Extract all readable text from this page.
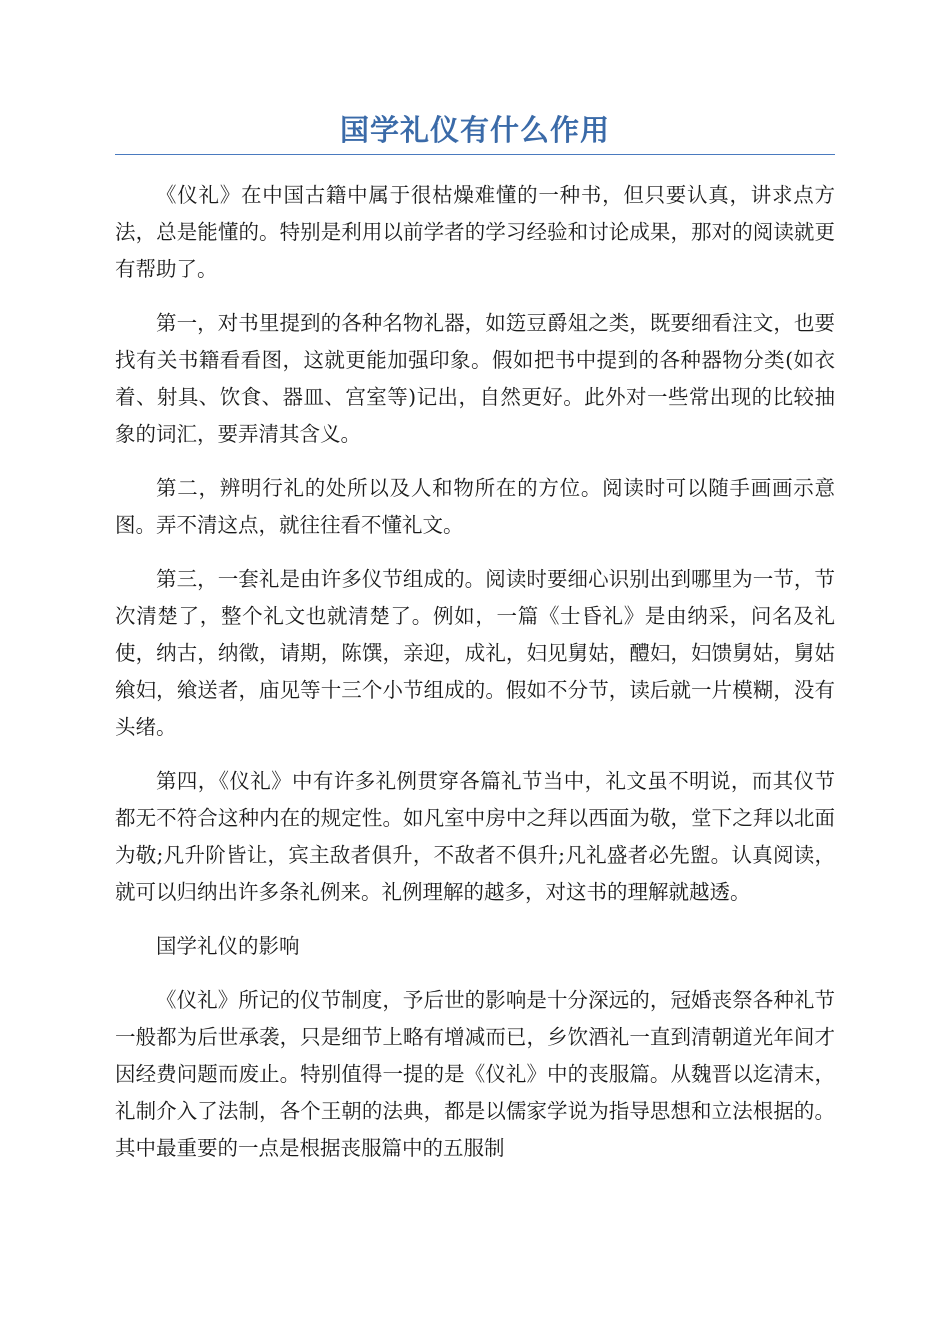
国学礼仪有什么作用

《仪礼》在中国古籍中属于很枯燥难懂的一种书，但只要认真，讲求点方法，总是能懂的。特别是利用以前学者的学习经验和讨论成果，那对的阅读就更有帮助了。

第一，对书里提到的各种名物礼器，如笾豆爵俎之类，既要细看注文，也要找有关书籍看看图，这就更能加强印象。假如把书中提到的各种器物分类(如衣着、射具、饮食、器皿、宫室等)记出，自然更好。此外对一些常出现的比较抽象的词汇，要弄清其含义。

第二，辨明行礼的处所以及人和物所在的方位。阅读时可以随手画画示意图。弄不清这点，就往往看不懂礼文。

第三，一套礼是由许多仪节组成的。阅读时要细心识别出到哪里为一节，节次清楚了，整个礼文也就清楚了。例如，一篇《士昏礼》是由纳采，问名及礼使，纳古，纳徵，请期，陈馔，亲迎，成礼，妇见舅姑，醴妇，妇馈舅姑，舅姑飨妇，飨送者，庙见等十三个小节组成的。假如不分节，读后就一片模糊，没有头绪。

第四，《仪礼》中有许多礼例贯穿各篇礼节当中，礼文虽不明说，而其仪节都无不符合这种内在的规定性。如凡室中房中之拜以西面为敬，堂下之拜以北面为敬;凡升阶皆让，宾主敌者俱升，不敌者不俱升;凡礼盛者必先盥。认真阅读，就可以归纳出许多条礼例来。礼例理解的越多，对这书的理解就越透。

国学礼仪的影响

《仪礼》所记的仪节制度，予后世的影响是十分深远的，冠婚丧祭各种礼节一般都为后世承袭，只是细节上略有增减而已，乡饮酒礼一直到清朝道光年间才因经费问题而废止。特别值得一提的是《仪礼》中的丧服篇。从魏晋以迄清末，礼制介入了法制，各个王朝的法典，都是以儒家学说为指导思想和立法根据的。其中最重要的一点是根据丧服篇中的五服制
